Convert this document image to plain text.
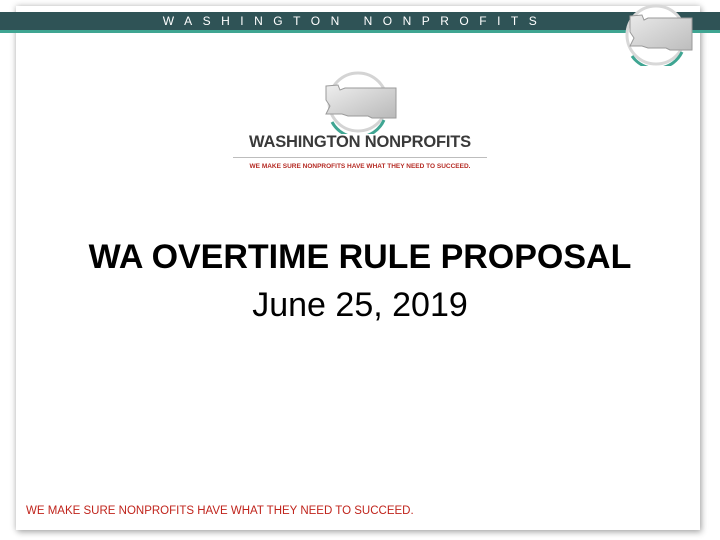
WASHINGTON NONPROFITS
WASHINGTON NONPROFITS
WE MAKE SURE NONPROFITS HAVE WHAT THEY NEED TO SUCCEED.
WA OVERTIME RULE PROPOSAL
June 25, 2019
WE MAKE SURE NONPROFITS HAVE WHAT THEY NEED TO SUCCEED.
